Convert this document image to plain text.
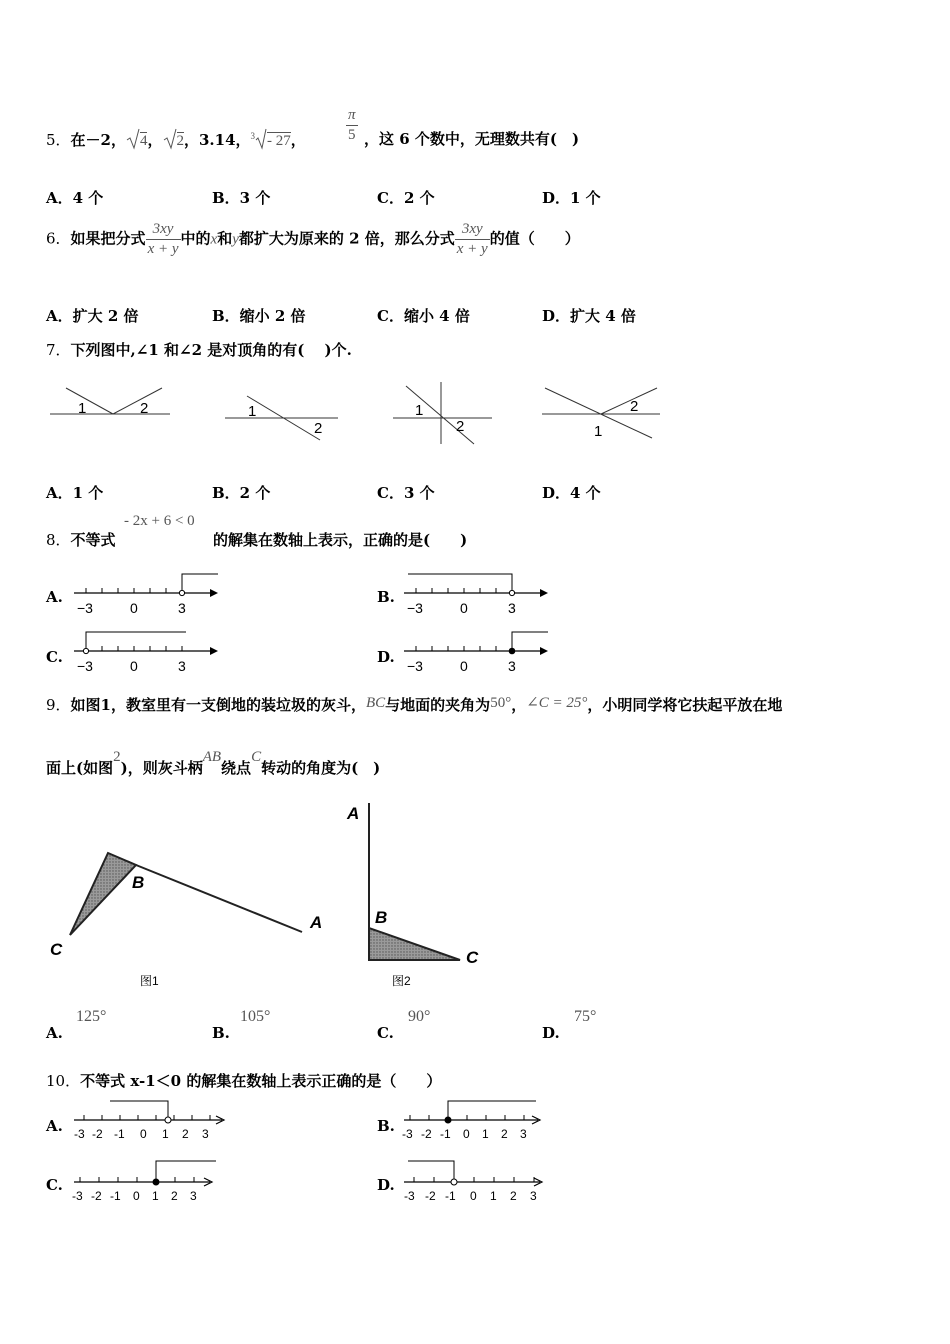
5．在－2， 4， 2，3.14，$^3$ - 27，	$\frac{\pi}{5}$ ，这 6 个数中，无理数共有(　)
A．4 个	B．3 个	C．2 个	D．1 个
6．如果把分式 $\frac{3xy}{x + y}$ 中的x和y都扩大为原来的 2 倍，那么分式 $\frac{3xy}{x + y}$ 的值（　　）
A．扩大 2 倍	B．缩小 2 倍	C．缩小 4 倍	D．扩大 4 倍
7．下列图中,∠1 和∠2 是对顶角的有(　 )个.
1	2	1
2
1
2	1
2
A．1 个	B．2 个	C．3 个	D．4 个
8．不等式
- 2x + 6 < 0
的解集在数轴上表示，正确的是(　　)
A.	B.
C.	D.
−3	0	3	−3	0	3
−3	0	3	−3	0	3
9．如图1，教室里有一支倒地的装垃圾的灰斗，BC与地面的夹角为50°，∠C = 25°，小明同学将它扶起平放在地
面上(如图2)，则灰斗柄AB绕点C转动的角度为(　)
A
B
C
图1
A
B
C
图2
A.
125°
B.
105°
C.
90°
D.
75°
10．不等式 x-1＜0 的解集在数轴上表示正确的是（　　）
A.	B.
C.	D.
-3 -2 -1 0 1 2 3	-3 -2 -1 0 1 2 3
-3 -2 -1 0 1 2 3	-3 -2 -1 0 1 2 3
